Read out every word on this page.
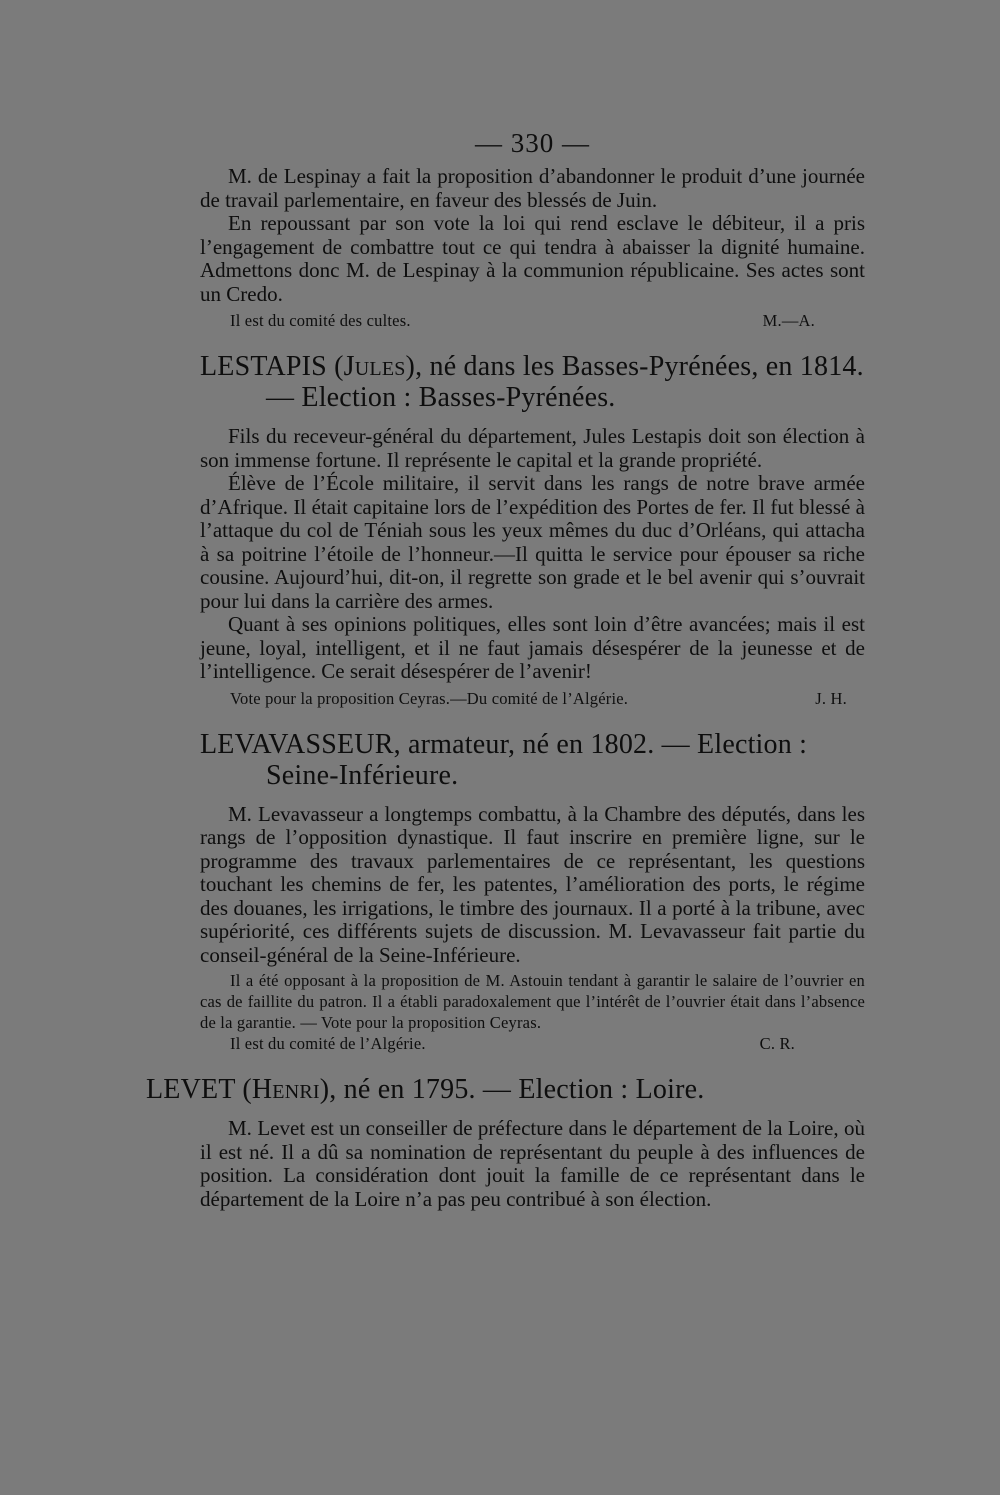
— 330 —

M. de Lespinay a fait la proposition d’abandonner le produit d’une journée de travail parlementaire, en faveur des blessés de Juin.

En repoussant par son vote la loi qui rend esclave le débiteur, il a pris l’engagement de combattre tout ce qui tendra à abaisser la dignité humaine. Admettons donc M. de Lespinay à la communion républicaine. Ses actes sont un Credo.

Il est du comité des cultes.	M.—A.

LESTAPIS (Jules), né dans les Basses-Pyrénées, en 1814. — Election : Basses-Pyrénées.

Fils du receveur-général du département, Jules Lestapis doit son élection à son immense fortune. Il représente le capital et la grande propriété.

Élève de l’École militaire, il servit dans les rangs de notre brave armée d’Afrique. Il était capitaine lors de l’expédition des Portes de fer. Il fut blessé à l’attaque du col de Téniah sous les yeux mêmes du duc d’Orléans, qui attacha à sa poitrine l’étoile de l’honneur.—Il quitta le service pour épouser sa riche cousine. Aujourd’hui, dit-on, il regrette son grade et le bel avenir qui s’ouvrait pour lui dans la carrière des armes.

Quant à ses opinions politiques, elles sont loin d’être avancées; mais il est jeune, loyal, intelligent, et il ne faut jamais désespérer de la jeunesse et de l’intelligence. Ce serait désespérer de l’avenir!

Vote pour la proposition Ceyras.—Du comité de l’Algérie.	J. H.

LEVAVASSEUR, armateur, né en 1802. — Election : Seine-Inférieure.

M. Levavasseur a longtemps combattu, à la Chambre des députés, dans les rangs de l’opposition dynastique. Il faut inscrire en première ligne, sur le programme des travaux parlementaires de ce représentant, les questions touchant les chemins de fer, les patentes, l’amélioration des ports, le régime des douanes, les irrigations, le timbre des journaux. Il a porté à la tribune, avec supériorité, ces différents sujets de discussion. M. Levavasseur fait partie du conseil-général de la Seine-Inférieure.

Il a été opposant à la proposition de M. Astouin tendant à garantir le salaire de l’ouvrier en cas de faillite du patron. Il a établi paradoxalement que l’intérêt de l’ouvrier était dans l’absence de la garantie. — Vote pour la proposition Ceyras.

Il est du comité de l’Algérie.	C. R.

LEVET (Henri), né en 1795. — Election : Loire.

M. Levet est un conseiller de préfecture dans le département de la Loire, où il est né. Il a dû sa nomination de représentant du peuple à des influences de position. La considération dont jouit la famille de ce représentant dans le département de la Loire n’a pas peu contribué à son élection.
